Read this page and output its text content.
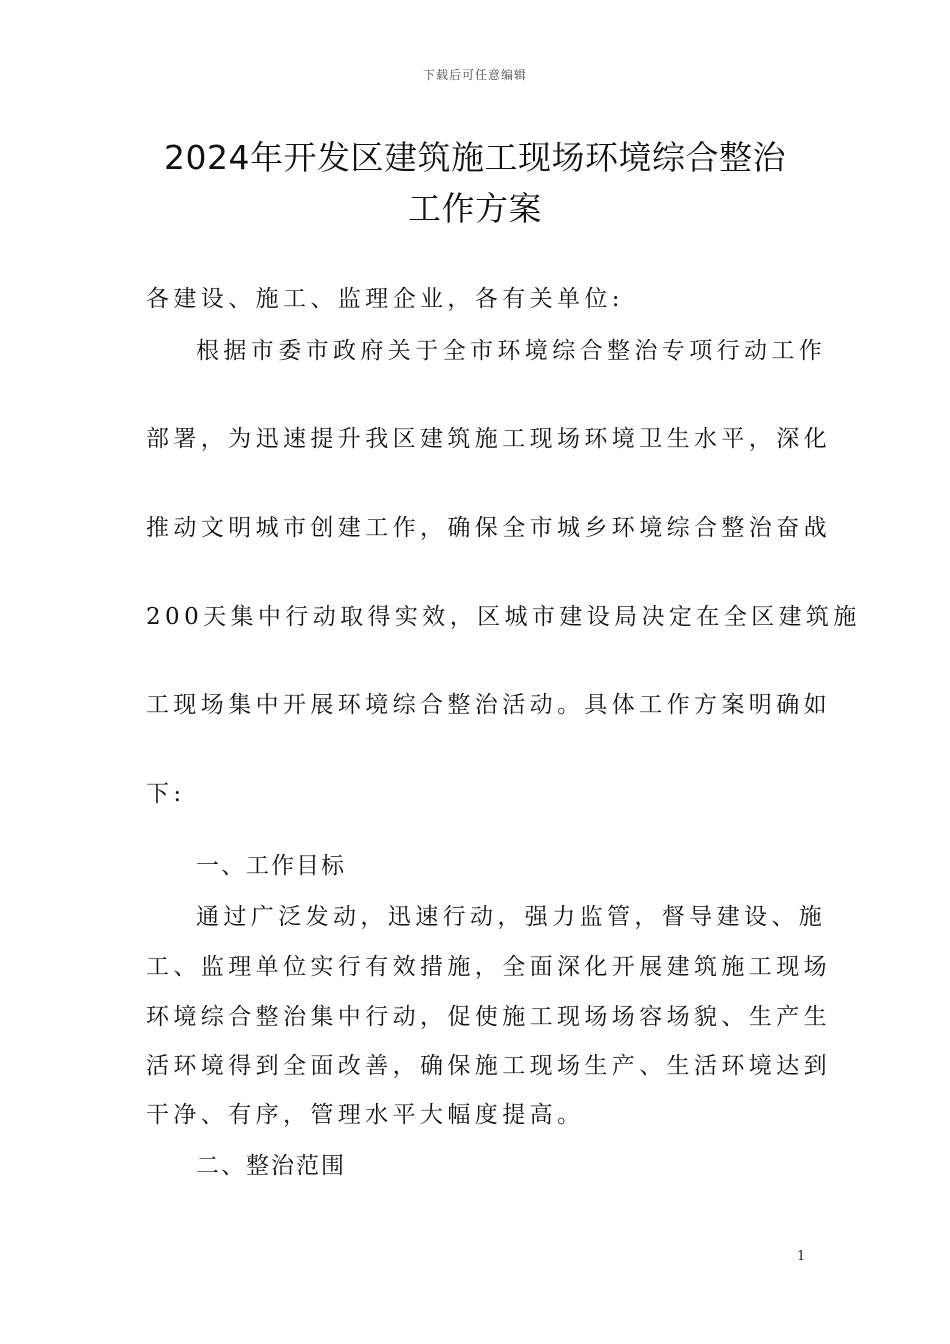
下载后可任意编辑
2024年开发区建筑施工现场环境综合整治
工作方案
各建设、施工、监理企业，各有关单位:
根据市委市政府关于全市环境综合整治专项行动工作
部署，为迅速提升我区建筑施工现场环境卫生水平，深化
推动文明城市创建工作，确保全市城乡环境综合整治奋战
200天集中行动取得实效，区城市建设局决定在全区建筑施
工现场集中开展环境综合整治活动。具体工作方案明确如
下:
一、工作目标
通过广泛发动，迅速行动，强力监管，督导建设、施
工、监理单位实行有效措施，全面深化开展建筑施工现场
环境综合整治集中行动，促使施工现场场容场貌、生产生
活环境得到全面改善，确保施工现场生产、生活环境达到
干净、有序，管理水平大幅度提高。
二、整治范围
1
